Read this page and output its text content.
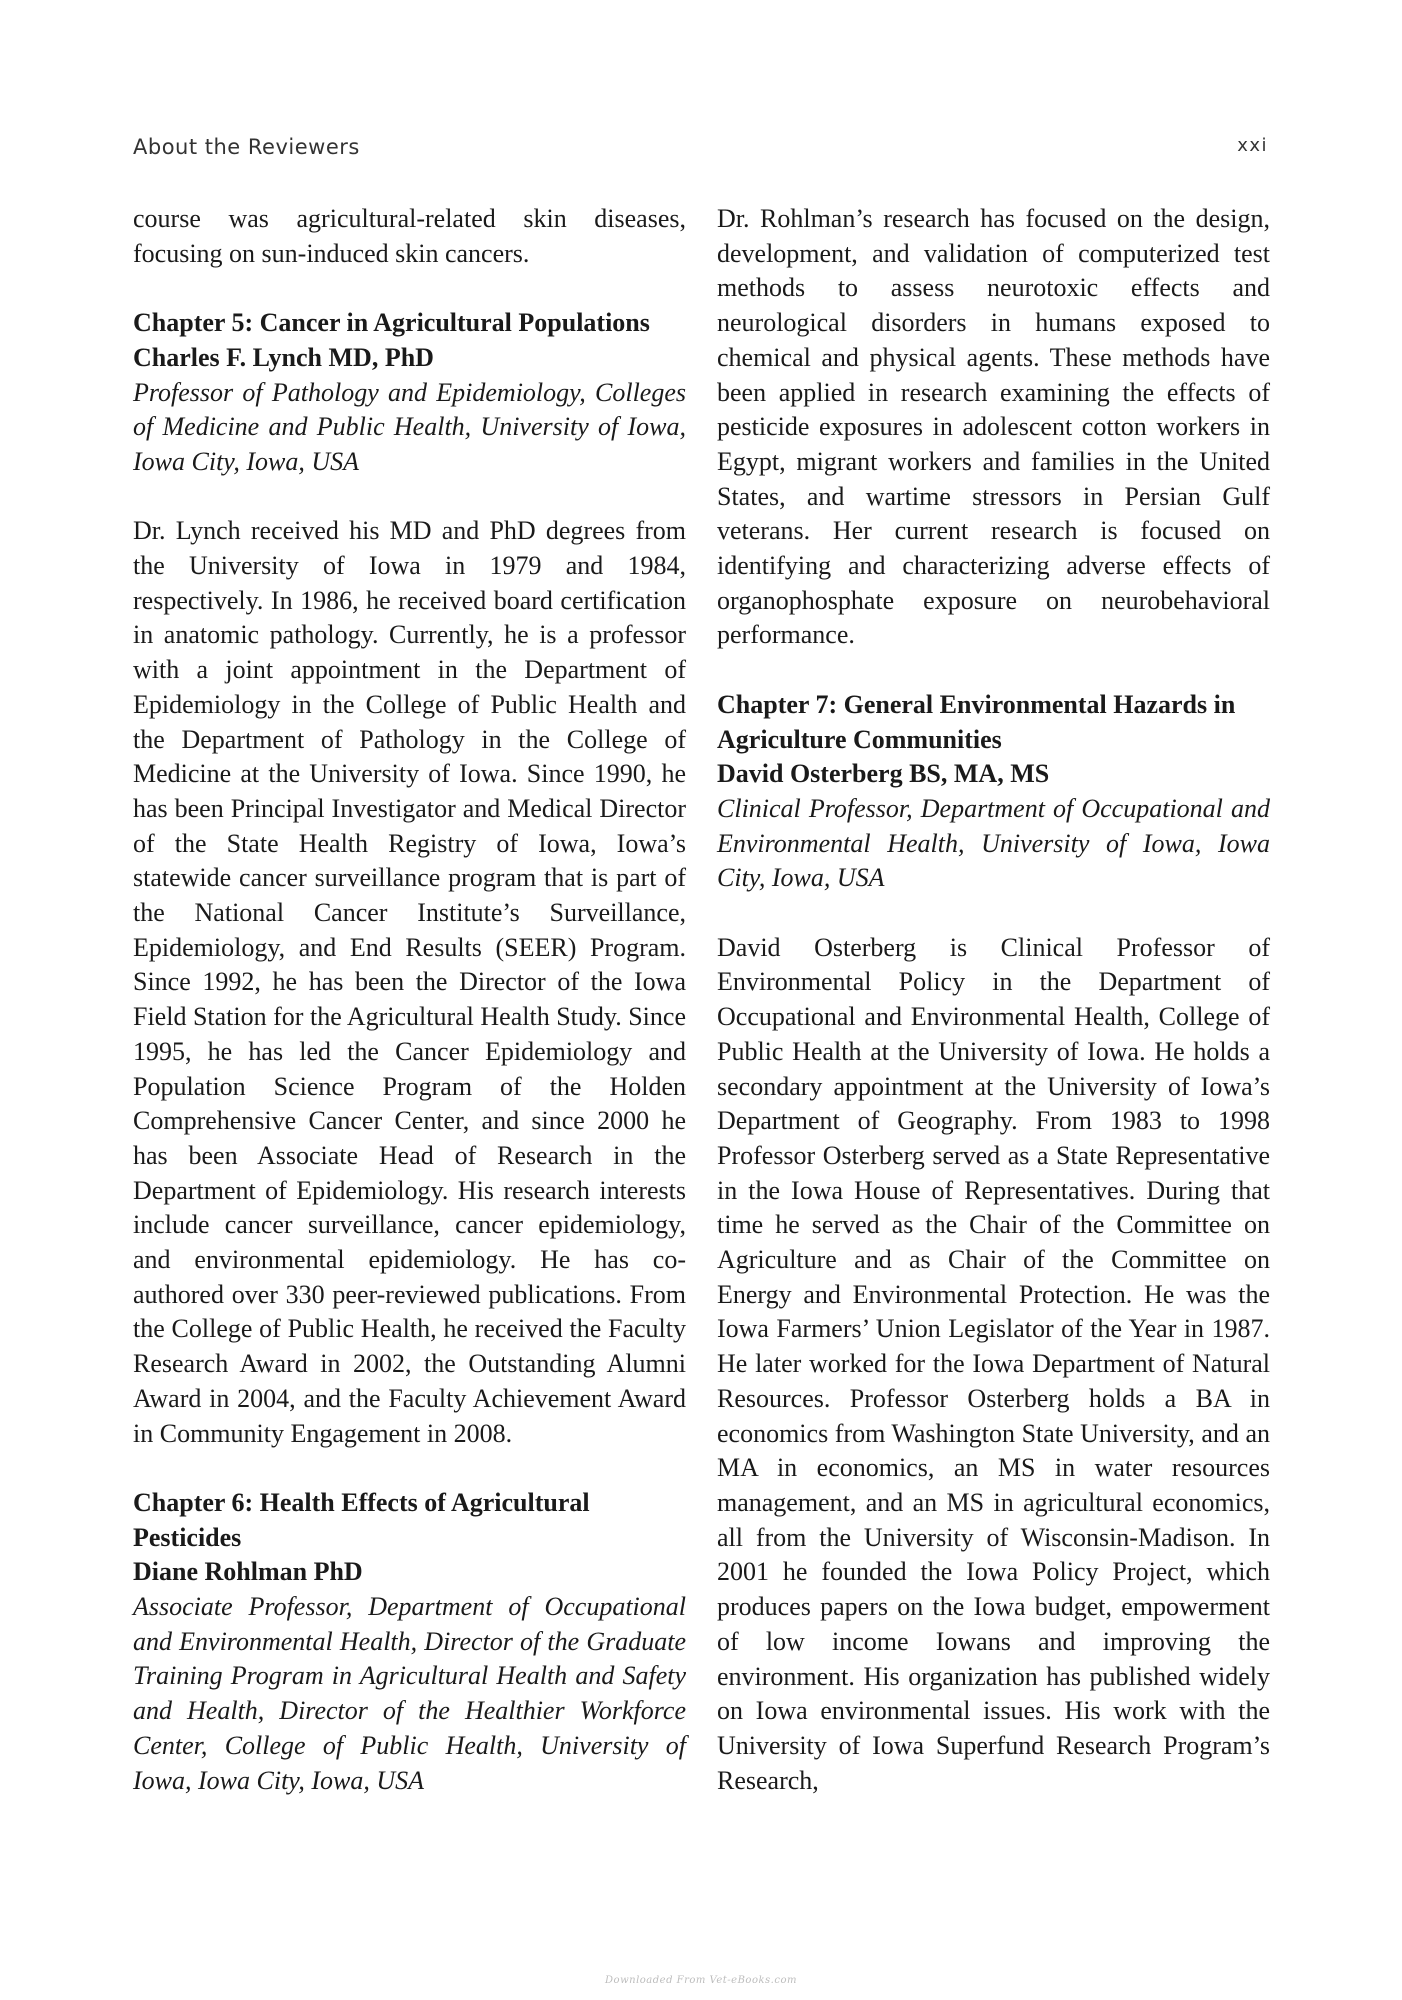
About the Reviewers	xxi

course was agricultural-related skin diseases, focusing on sun-induced skin cancers.

Chapter 5: Cancer in Agricultural Populations

Charles F. Lynch MD, PhD

Professor of Pathology and Epidemiology, Colleges of Medicine and Public Health, University of Iowa, Iowa City, Iowa, USA

Dr. Lynch received his MD and PhD degrees from the University of Iowa in 1979 and 1984, respectively. In 1986, he received board certification in anatomic pathology. Currently, he is a professor with a joint appointment in the Department of Epidemiology in the College of Public Health and the Department of Pathology in the College of Medicine at the University of Iowa. Since 1990, he has been Principal Investigator and Medical Director of the State Health Registry of Iowa, Iowa’s statewide cancer surveillance program that is part of the National Cancer Institute’s Surveillance, Epidemiology, and End Results (SEER) Program. Since 1992, he has been the Director of the Iowa Field Station for the Agricultural Health Study. Since 1995, he has led the Cancer Epidemiology and Population Science Program of the Holden Comprehensive Cancer Center, and since 2000 he has been Associate Head of Research in the Department of Epidemiology. His research interests include cancer surveillance, cancer epidemiology, and environmental epidemiology. He has co-authored over 330 peer-reviewed publications. From the College of Public Health, he received the Faculty Research Award in 2002, the Outstanding Alumni Award in 2004, and the Faculty Achievement Award in Community Engagement in 2008.

Chapter 6: Health Effects of Agricultural Pesticides

Diane Rohlman PhD

Associate Professor, Department of Occupational and Environmental Health, Director of the Graduate Training Program in Agricultural Health and Safety and Health, Director of the Healthier Workforce Center, College of Public Health, University of Iowa, Iowa City, Iowa, USA

Dr. Rohlman’s research has focused on the design, development, and validation of computerized test methods to assess neurotoxic effects and neurological disorders in humans exposed to chemical and physical agents. These methods have been applied in research examining the effects of pesticide exposures in adolescent cotton workers in Egypt, migrant workers and families in the United States, and wartime stressors in Persian Gulf veterans. Her current research is focused on identifying and characterizing adverse effects of organophosphate exposure on neurobehavioral performance.

Chapter 7: General Environmental Hazards in Agriculture Communities

David Osterberg BS, MA, MS

Clinical Professor, Department of Occupational and Environmental Health, University of Iowa, Iowa City, Iowa, USA

David Osterberg is Clinical Professor of Environmental Policy in the Department of Occupational and Environmental Health, College of Public Health at the University of Iowa. He holds a secondary appointment at the University of Iowa’s Department of Geography. From 1983 to 1998 Professor Osterberg served as a State Representative in the Iowa House of Representatives. During that time he served as the Chair of the Committee on Agriculture and as Chair of the Committee on Energy and Environmental Protection. He was the Iowa Farmers’ Union Legislator of the Year in 1987. He later worked for the Iowa Department of Natural Resources. Professor Osterberg holds a BA in economics from Washington State University, and an MA in economics, an MS in water resources management, and an MS in agricultural economics, all from the University of Wisconsin-Madison. In 2001 he founded the Iowa Policy Project, which produces papers on the Iowa budget, empowerment of low income Iowans and improving the environment. His organization has published widely on Iowa environmental issues. His work with the University of Iowa Superfund Research Program’s Research,

Downloaded From Vet-eBooks.com
